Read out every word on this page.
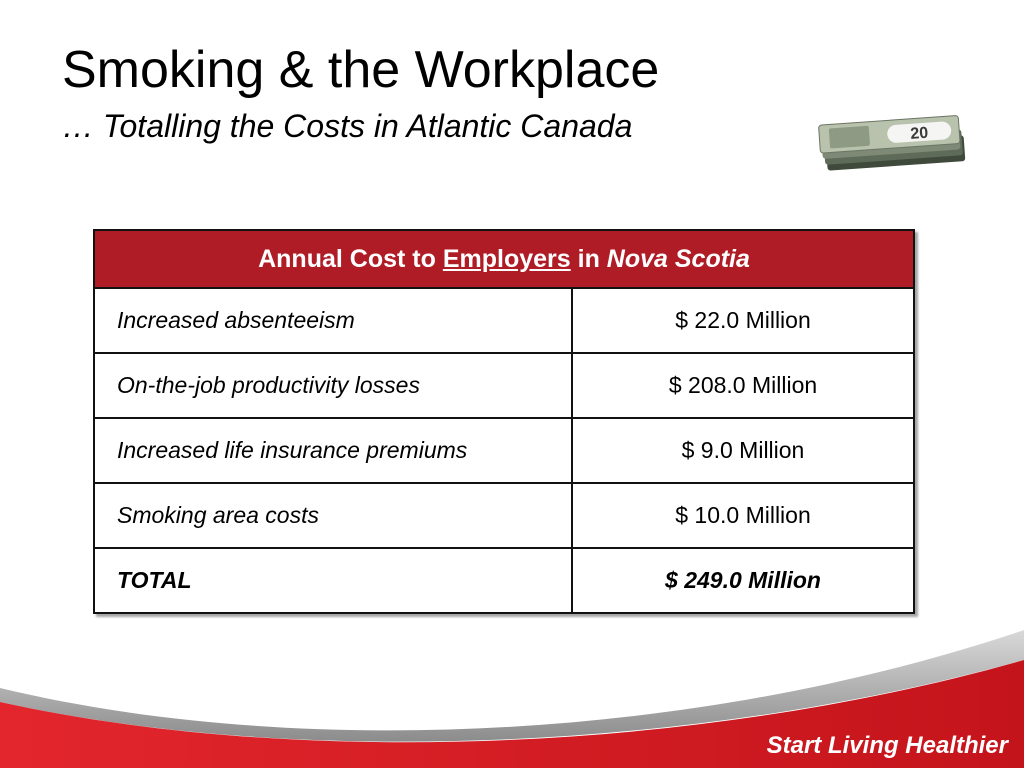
Smoking & the Workplace
… Totalling the Costs in Atlantic Canada	20
Annual Cost to Employers in Nova Scotia	
Increased absenteeism	$ 22.0 Million
On-the-job productivity losses	$ 208.0 Million
Increased life insurance premiums	$ 9.0 Million
Smoking area costs	$ 10.0 Million
TOTAL	$ 249.0 Million
Start Living Healthier
